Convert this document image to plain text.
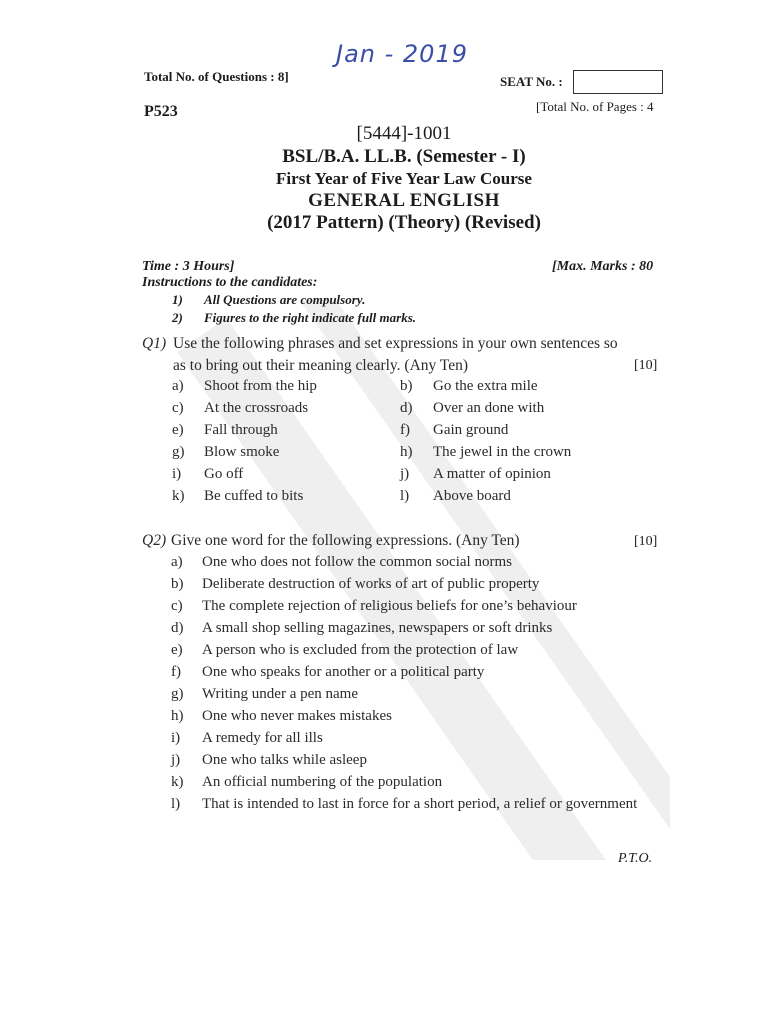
Jan - 2019
Total No. of Questions : 8]	SEAT No. :
P523	[Total No. of Pages : 4
[5444]-1001
BSL/B.A. LL.B. (Semester - I)
First Year of Five Year Law Course
GENERAL ENGLISH
(2017 Pattern) (Theory) (Revised)
Time : 3 Hours]	[Max. Marks : 80
Instructions to the candidates:
1) All Questions are compulsory.
2) Figures to the right indicate full marks.
Q1) Use the following phrases and set expressions in your own sentences so
as to bring out their meaning clearly. (Any Ten)	[10]
a) Shoot from the hip	b) Go the extra mile
c) At the crossroads	d) Over an done with
e) Fall through	f) Gain ground
g) Blow smoke	h) The jewel in the crown
i) Go off	j) A matter of opinion
k) Be cuffed to bits	l) Above board
Q2) Give one word for the following expressions. (Any Ten)	[10]
a) One who does not follow the common social norms
b) Deliberate destruction of works of art of public property
c) The complete rejection of religious beliefs for one’s behaviour
d) A small shop selling magazines, newspapers or soft drinks
e) A person who is excluded from the protection of law
f) One who speaks for another or a political party
g) Writing under a pen name
h) One who never makes mistakes
i) A remedy for all ills
j) One who talks while asleep
k) An official numbering of the population
l) That is intended to last in force for a short period, a relief or government
P.T.O.
